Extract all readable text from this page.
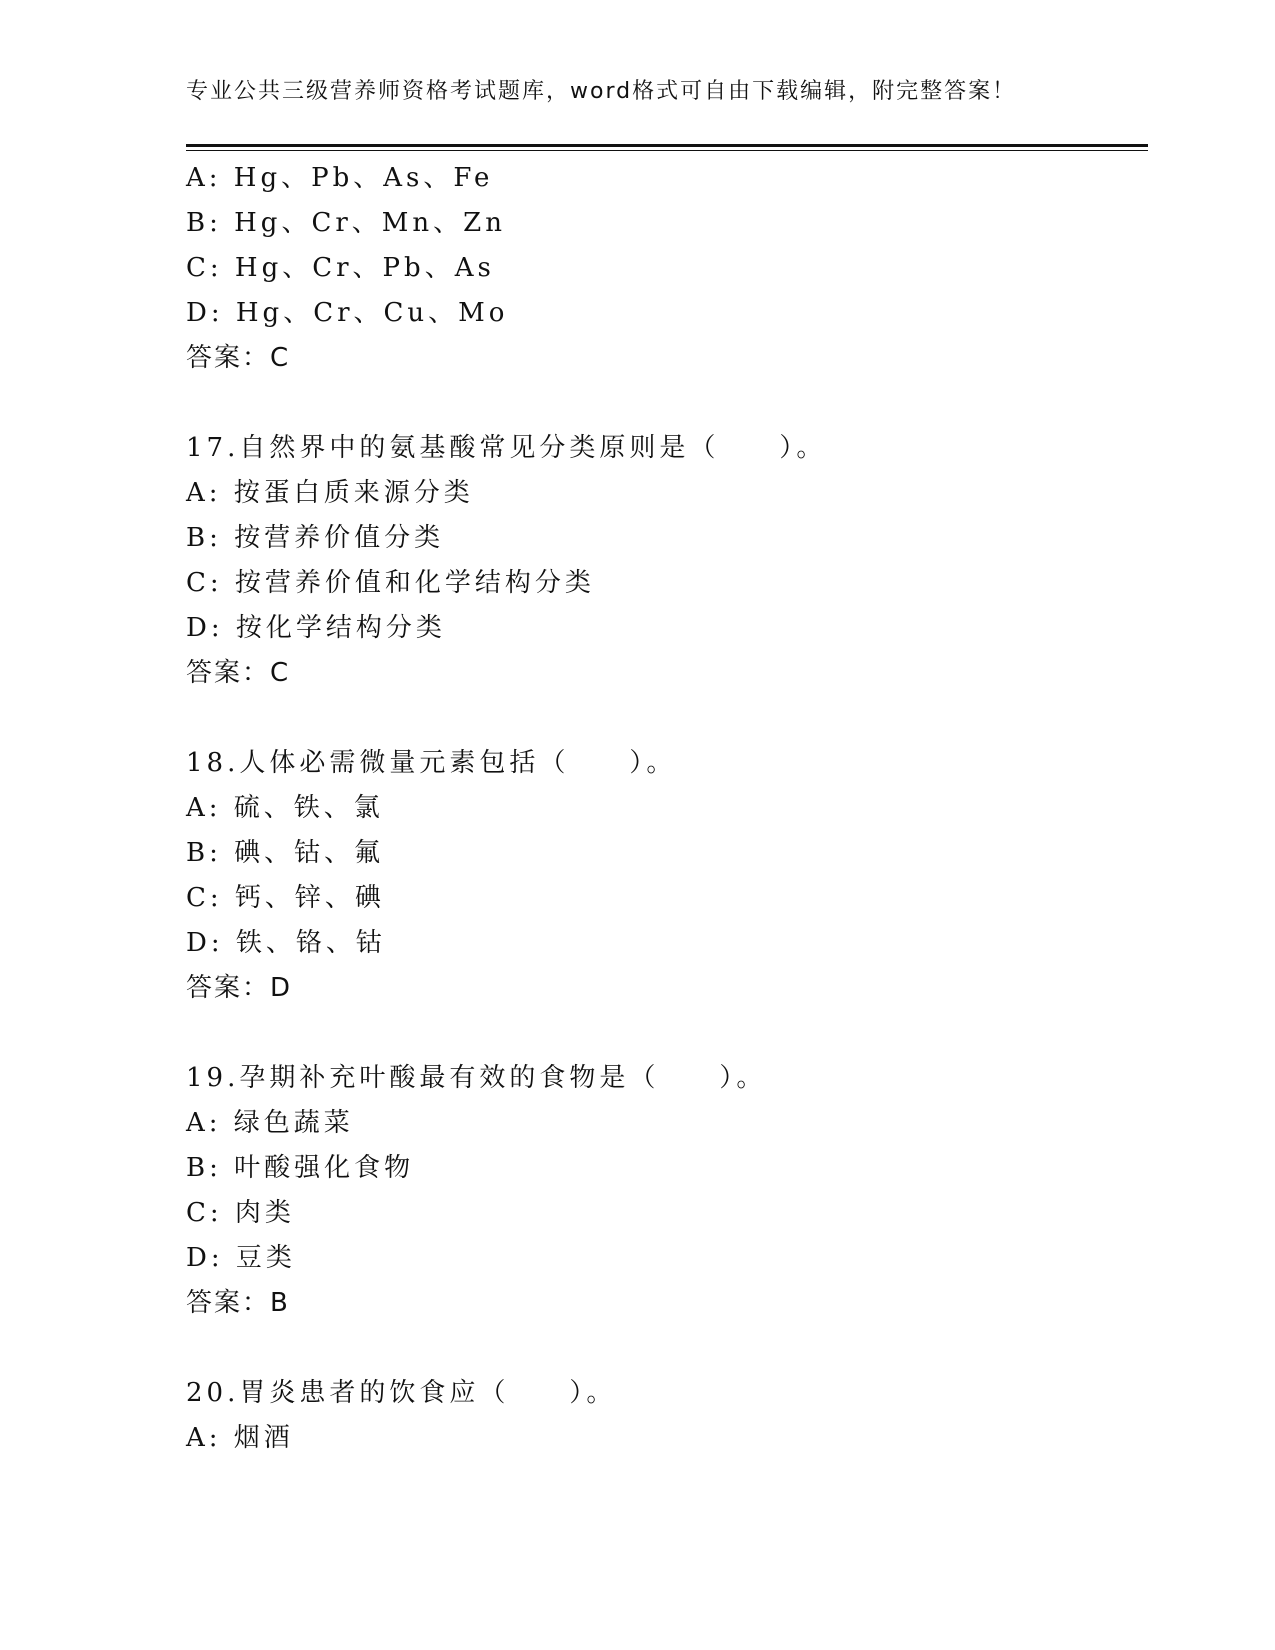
专业公共三级营养师资格考试题库，word格式可自由下载编辑，附完整答案！
A: Hg、Pb、As、Fe
B: Hg、Cr、Mn、Zn
C: Hg、Cr、Pb、As
D: Hg、Cr、Cu、Mo
答案：C
17.自然界中的氨基酸常见分类原则是（　　）。
A: 按蛋白质来源分类
B: 按营养价值分类
C: 按营养价值和化学结构分类
D: 按化学结构分类
答案：C
18.人体必需微量元素包括（　　）。
A: 硫、铁、氯
B: 碘、钴、氟
C: 钙、锌、碘
D: 铁、铬、钴
答案：D
19.孕期补充叶酸最有效的食物是（　　）。
A: 绿色蔬菜
B: 叶酸强化食物
C: 肉类
D: 豆类
答案：B
20.胃炎患者的饮食应（　　）。
A: 烟酒
